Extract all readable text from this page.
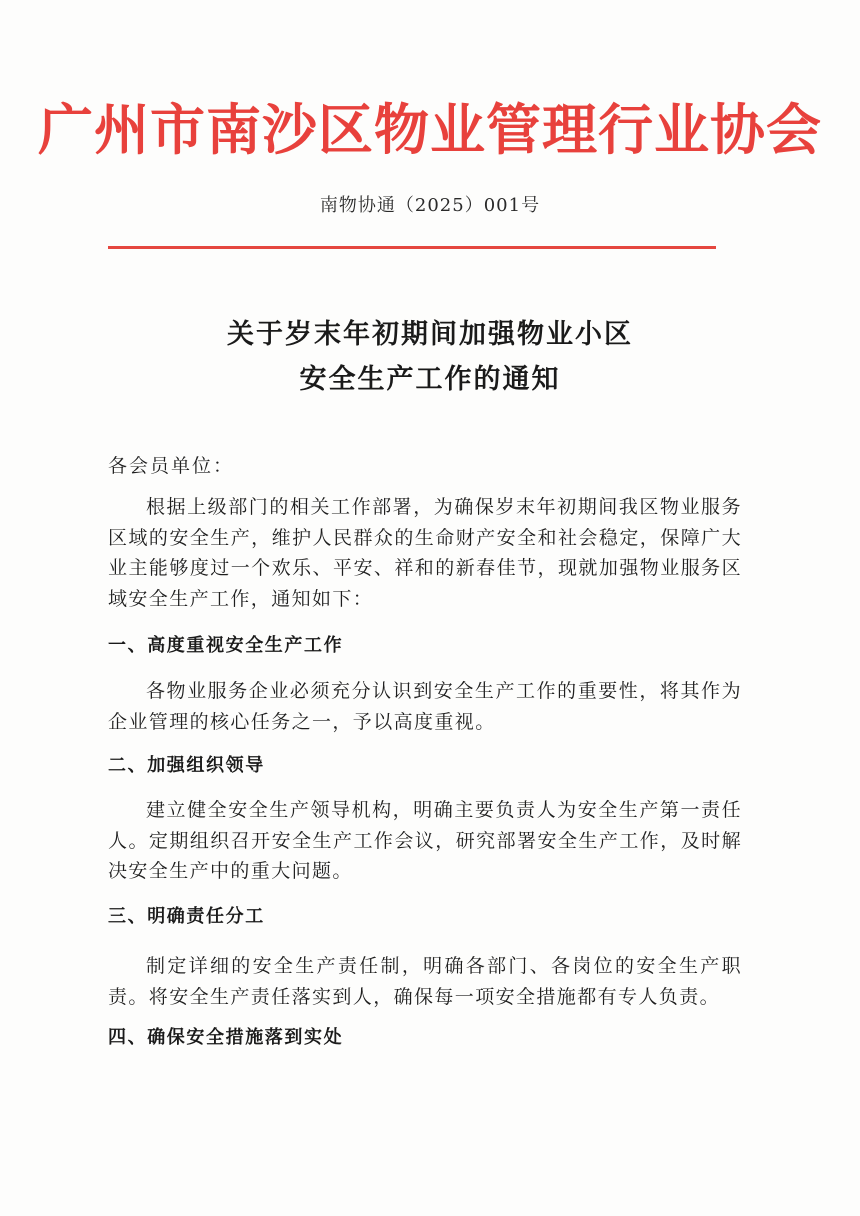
广州市南沙区物业管理行业协会
南物协通（2025）001号
关于岁末年初期间加强物业小区
安全生产工作的通知
各会员单位：

根据上级部门的相关工作部署，为确保岁末年初期间我区物业服务区域的安全生产，维护人民群众的生命财产安全和社会稳定，保障广大业主能够度过一个欢乐、平安、祥和的新春佳节，现就加强物业服务区域安全生产工作，通知如下：

一、高度重视安全生产工作

各物业服务企业必须充分认识到安全生产工作的重要性，将其作为企业管理的核心任务之一，予以高度重视。

二、加强组织领导

建立健全安全生产领导机构，明确主要负责人为安全生产第一责任人。定期组织召开安全生产工作会议，研究部署安全生产工作，及时解决安全生产中的重大问题。

三、明确责任分工

制定详细的安全生产责任制，明确各部门、各岗位的安全生产职责。将安全生产责任落实到人，确保每一项安全措施都有专人负责。

四、确保安全措施落到实处
